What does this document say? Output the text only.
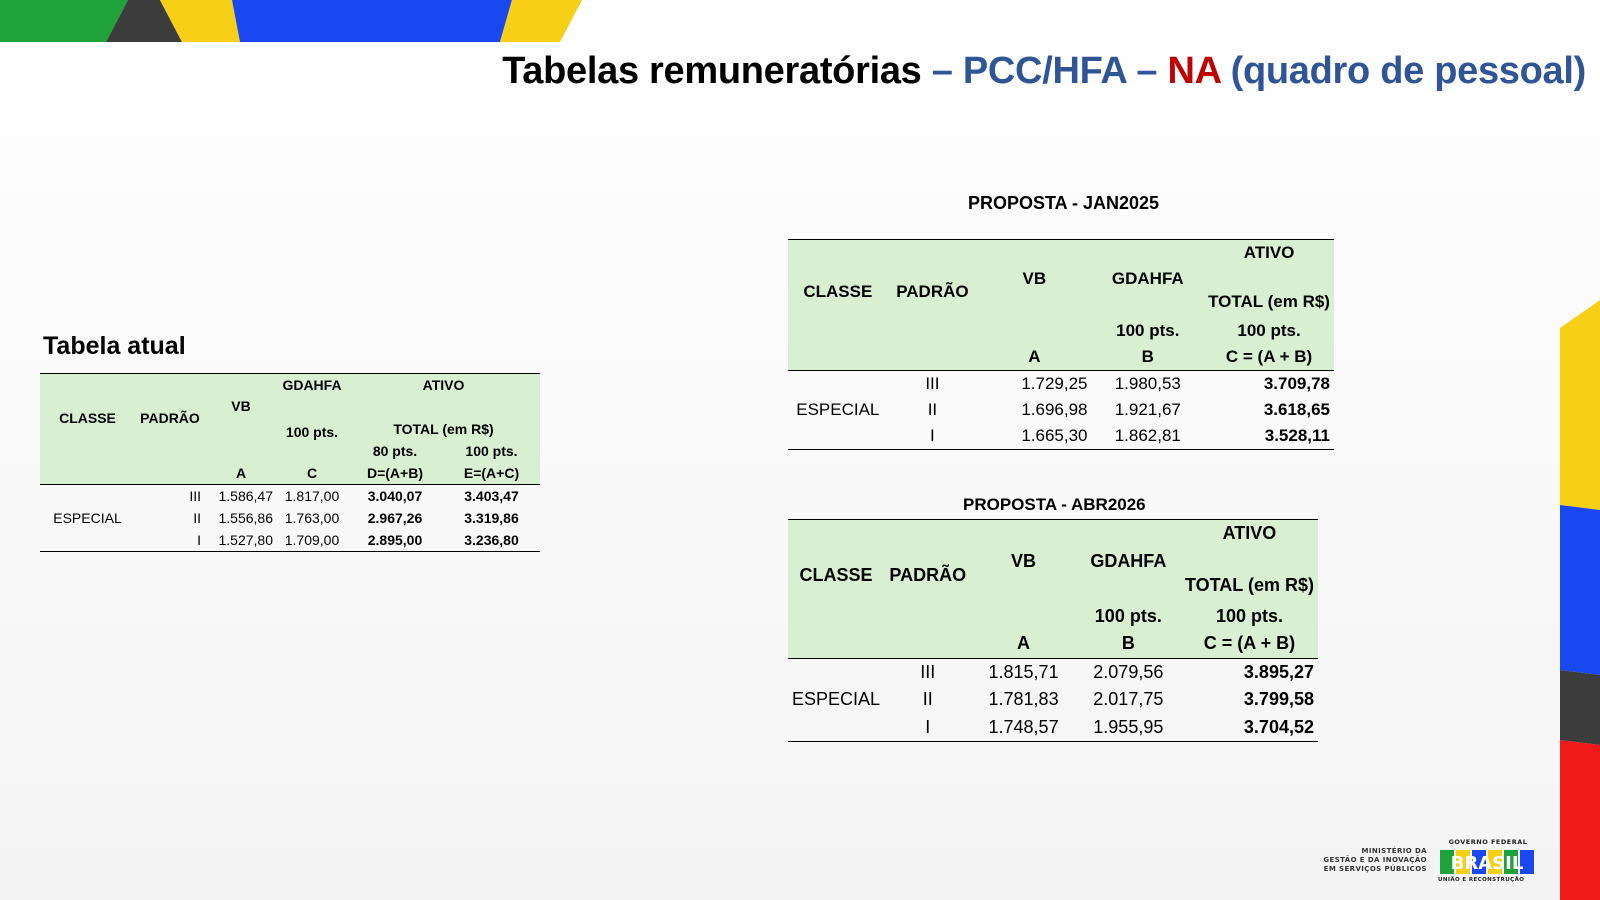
Tabelas remuneratórias – PCC/HFA – NA (quadro de pessoal)
Tabela atual
			GDAHFA	ATIVO	
CLASSE	PADRÃO	VB	100 pts.		
				TOTAL (em R$)	
				80 pts.	100 pts.
		A	C	D=(A+B)	E=(A+C)
ESPECIAL	III	1.586,47	1.817,00	3.040,07	3.403,47
	II	1.556,86	1.763,00	2.967,26	3.319,86
	I	1.527,80	1.709,00	2.895,00	3.236,80
PROPOSTA - JAN2025
				ATIVO
CLASSE	PADRÃO	VB	GDAHFA	
				TOTAL (em R$)
			100 pts.	100 pts.
		A	B	C = (A + B)
ESPECIAL	III	1.729,25	1.980,53	3.709,78
	II	1.696,98	1.921,67	3.618,65
	I	1.665,30	1.862,81	3.528,11
PROPOSTA - ABR2026
				ATIVO
CLASSE	PADRÃO	VB	GDAHFA	
				TOTAL (em R$)
			100 pts.	100 pts.
		A	B	C = (A + B)
ESPECIAL	III	1.815,71	2.079,56	3.895,27
	II	1.781,83	2.017,75	3.799,58
	I	1.748,57	1.955,95	3.704,52
MINISTÉRIO DA
GESTÃO E DA INOVAÇÃO
EM SERVIÇOS PÚBLICOS
GOVERNO FEDERAL
BRASIL
UNIÃO E RECONSTRUÇÃO
